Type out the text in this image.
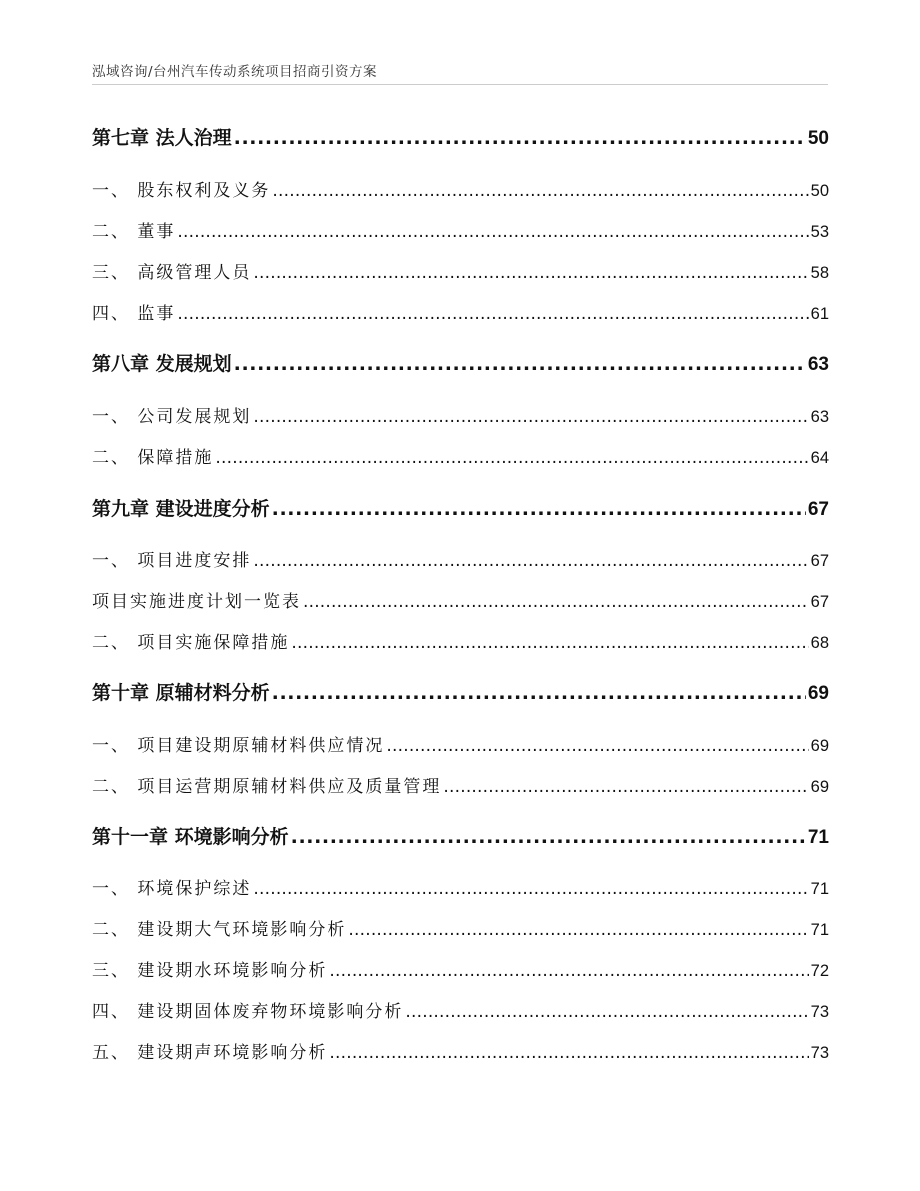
泓域咨询/台州汽车传动系统项目招商引资方案
第七章 法人治理 .....	50
一、 股东权利及义务 .....	50
二、 董事 .....	53
三、 高级管理人员 .....	58
四、 监事 .....	61
第八章 发展规划 .....	63
一、 公司发展规划 .....	63
二、 保障措施 .....	64
第九章 建设进度分析 .....	67
一、 项目进度安排 .....	67
项目实施进度计划一览表 .....	67
二、 项目实施保障措施 .....	68
第十章 原辅材料分析 .....	69
一、 项目建设期原辅材料供应情况 .....	69
二、 项目运营期原辅材料供应及质量管理 .....	69
第十一章 环境影响分析 .....	71
一、 环境保护综述 .....	71
二、 建设期大气环境影响分析 .....	71
三、 建设期水环境影响分析 .....	72
四、 建设期固体废弃物环境影响分析 .....	73
五、 建设期声环境影响分析 .....	73
